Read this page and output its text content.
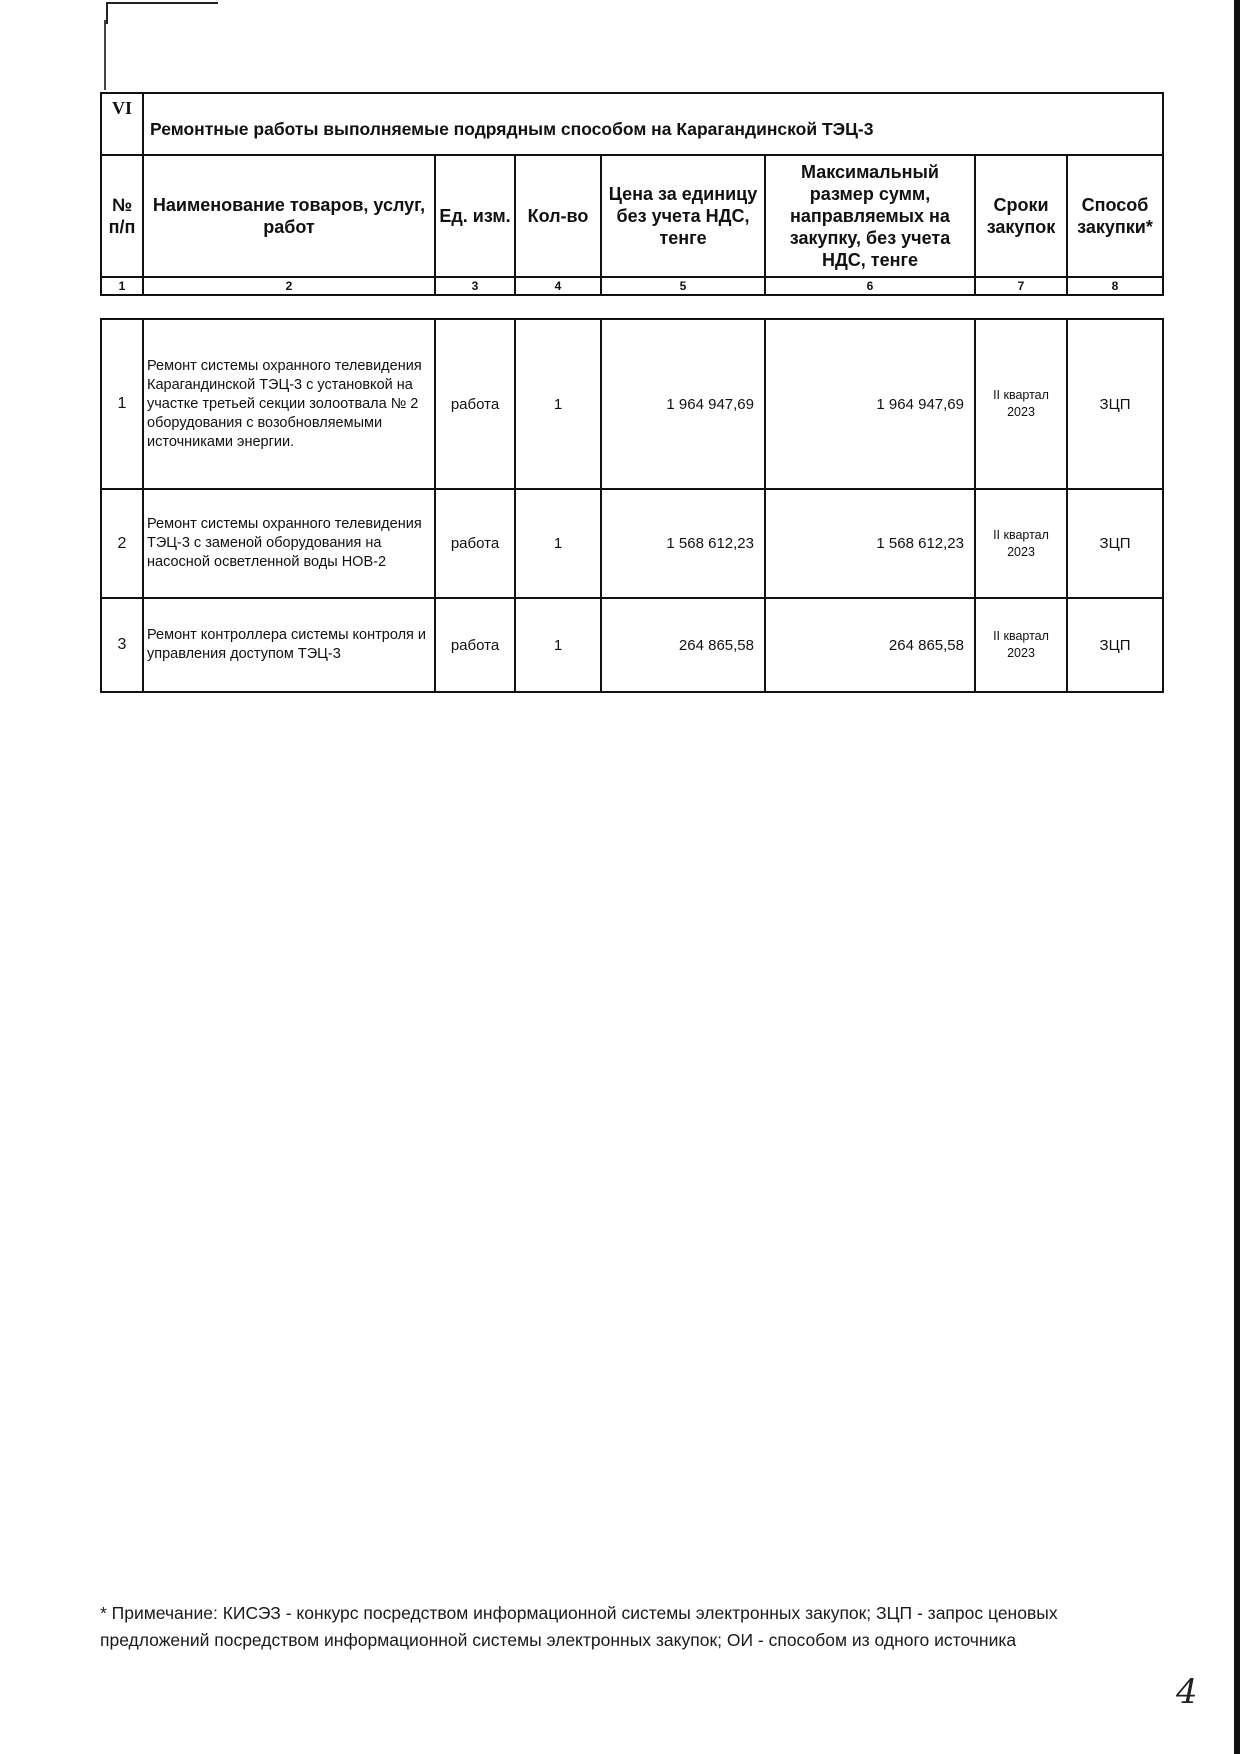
VI	Ремонтные работы выполняемые подрядным способом на Карагандинской ТЭЦ-3						
№ п/п	Наименование товаров, услуг, работ	Ед. изм.	Кол-во	Цена за единицу без учета НДС, тенге	Максимальный размер сумм, направляемых на закупку, без учета НДС, тенге	Сроки закупок	Способ закупки*
1	2	3	4	5	6	7	8

1	Ремонт системы охранного телевидения Карагандинской ТЭЦ-3 с установкой на участке третьей секции золоотвала № 2 оборудования с возобновляемыми источниками энергии.	работа	1	1 964 947,69	1 964 947,69	II квартал 2023	ЗЦП
2	Ремонт системы охранного телевидения ТЭЦ-3 с заменой оборудования на насосной осветленной воды НОВ-2	работа	1	1 568 612,23	1 568 612,23	II квартал 2023	ЗЦП
3	Ремонт контроллера системы контроля и управления доступом ТЭЦ-3	работа	1	264 865,58	264 865,58	II квартал 2023	ЗЦП
* Примечание: КИСЭЗ - конкурс посредством информационной системы электронных закупок; ЗЦП - запрос ценовых предложений посредством информационной системы электронных закупок; ОИ - способом из одного источника
4
